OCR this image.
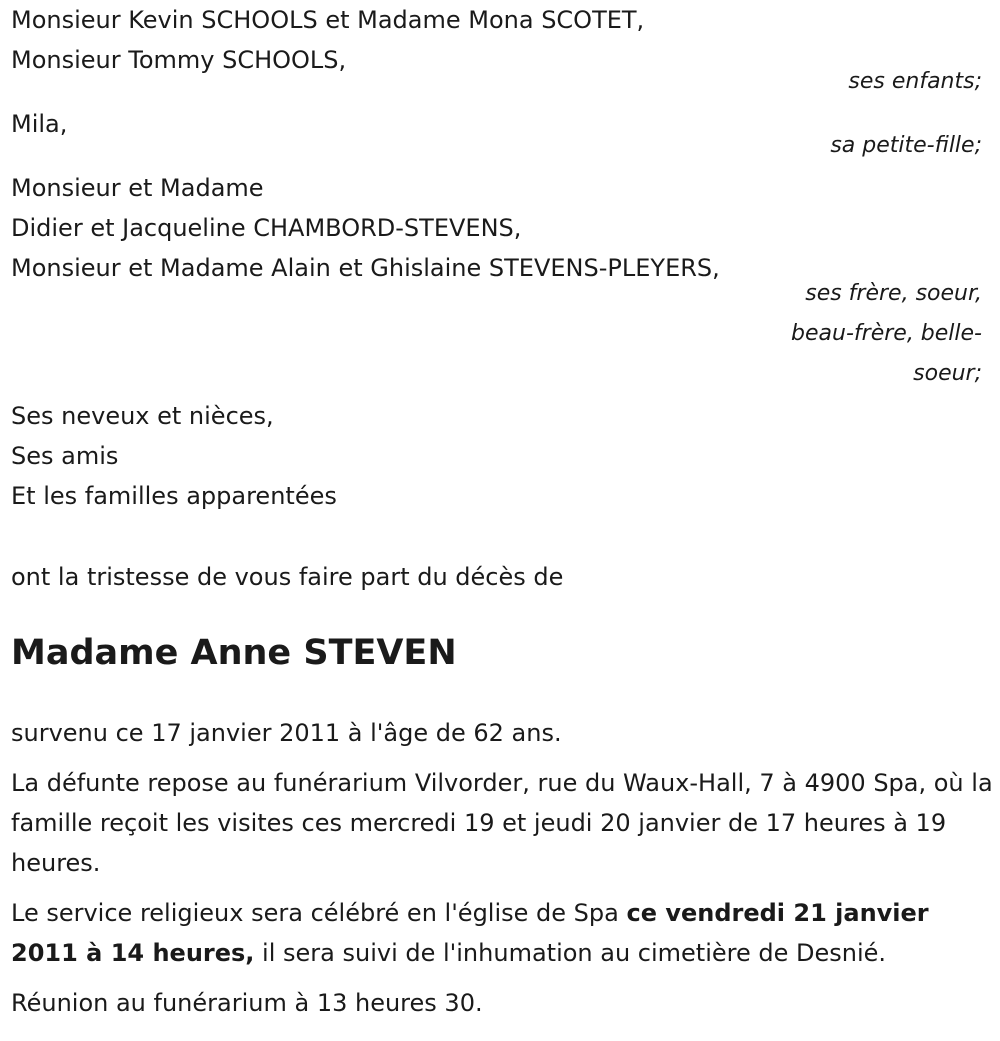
Monsieur Kevin SCHOOLS et Madame Mona SCOTET,
Monsieur Tommy SCHOOLS,
ses enfants;
Mila,
sa petite-fille;
Monsieur et Madame
Didier et Jacqueline CHAMBORD-STEVENS,
Monsieur et Madame Alain et Ghislaine STEVENS-PLEYERS,
ses frère, soeur,
beau-frère, belle-
soeur;
Ses neveux et nièces,
Ses amis
Et les familles apparentées
ont la tristesse de vous faire part du décès de
Madame Anne STEVEN

survenu ce 17 janvier 2011 à l'âge de 62 ans.

La défunte repose au funérarium Vilvorder, rue du Waux-Hall, 7 à 4900 Spa, où la famille reçoit les visites ces mercredi 19 et jeudi 20 janvier de 17 heures à 19 heures.

Le service religieux sera célébré en l'église de Spa ce vendredi 21 janvier 2011 à 14 heures, il sera suivi de l'inhumation au cimetière de Desnié.

Réunion au funérarium à 13 heures 30.
